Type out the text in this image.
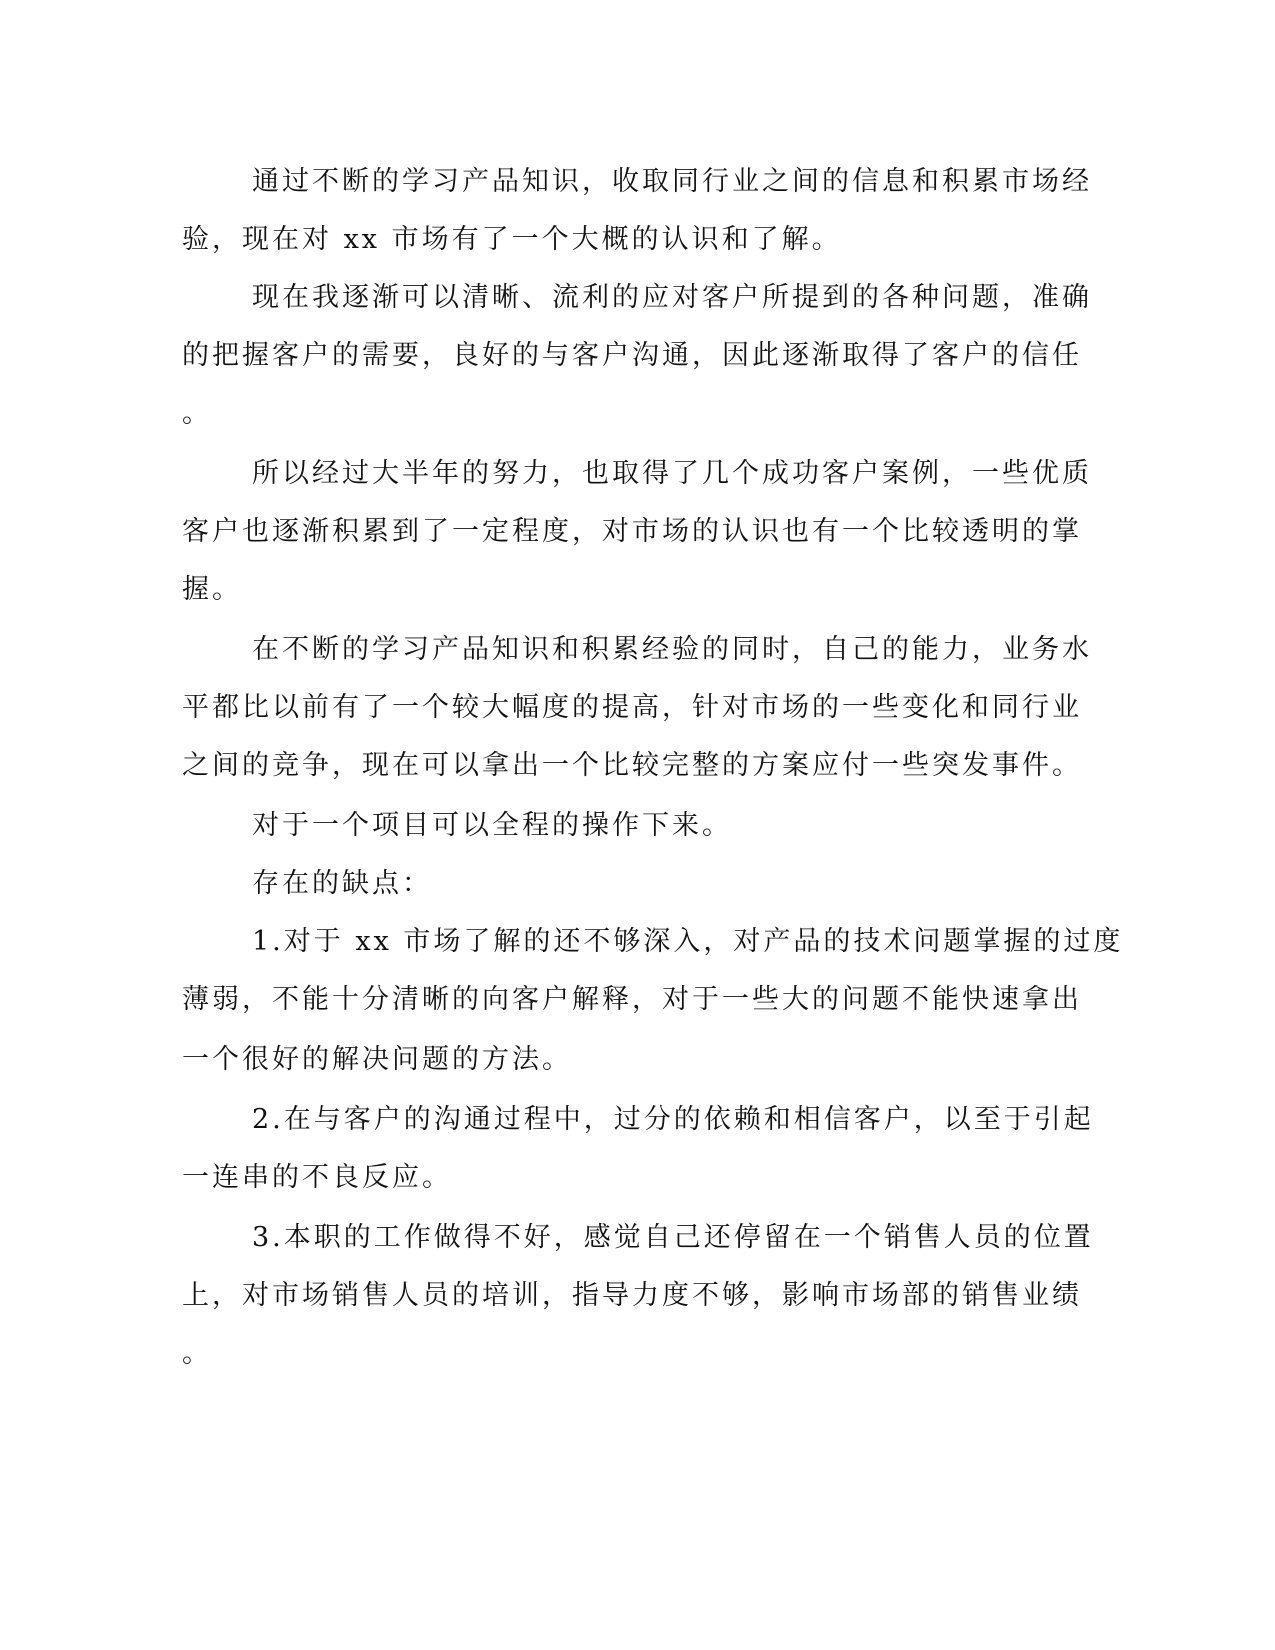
通过不断的学习产品知识，收取同行业之间的信息和积累市场经

验，现在对 xx 市场有了一个大概的认识和了解。

现在我逐渐可以清晰、流利的应对客户所提到的各种问题，准确

的把握客户的需要，良好的与客户沟通，因此逐渐取得了客户的信任

。

所以经过大半年的努力，也取得了几个成功客户案例，一些优质

客户也逐渐积累到了一定程度，对市场的认识也有一个比较透明的掌

握。

在不断的学习产品知识和积累经验的同时，自己的能力，业务水

平都比以前有了一个较大幅度的提高，针对市场的一些变化和同行业

之间的竞争，现在可以拿出一个比较完整的方案应付一些突发事件。

对于一个项目可以全程的操作下来。

存在的缺点：

1.对于 xx 市场了解的还不够深入，对产品的技术问题掌握的过度

薄弱，不能十分清晰的向客户解释，对于一些大的问题不能快速拿出

一个很好的解决问题的方法。

2.在与客户的沟通过程中，过分的依赖和相信客户，以至于引起

一连串的不良反应。

3.本职的工作做得不好，感觉自己还停留在一个销售人员的位置

上，对市场销售人员的培训，指导力度不够，影响市场部的销售业绩

。
